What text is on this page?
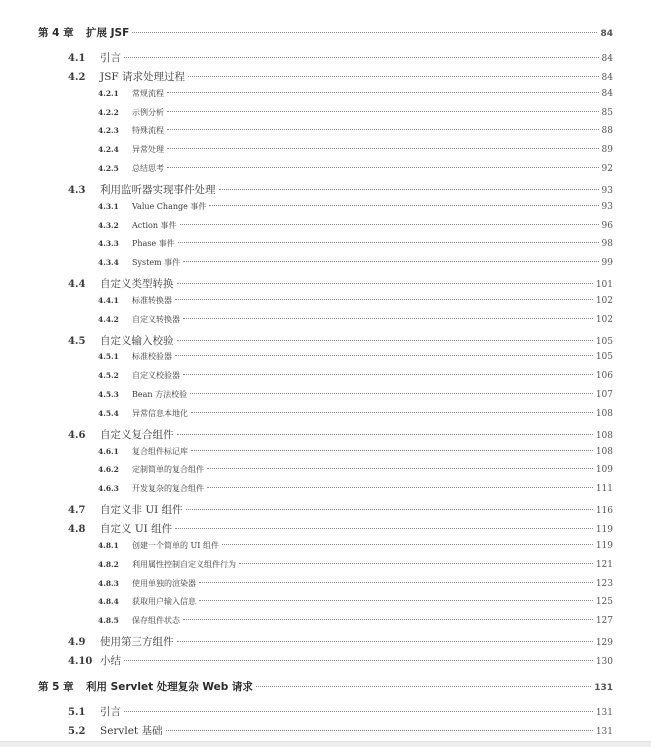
第 4 章	扩展 JSF	84
4.1	引言	84
4.2	JSF 请求处理过程	84
4.2.1	常规流程	84
4.2.2	示例分析	85
4.2.3	特殊流程	88
4.2.4	异常处理	89
4.2.5	总结思考	92
4.3	利用监听器实现事件处理	93
4.3.1	Value Change 事件	93
4.3.2	Action 事件	96
4.3.3	Phase 事件	98
4.3.4	System 事件	99
4.4	自定义类型转换	101
4.4.1	标准转换器	102
4.4.2	自定义转换器	102
4.5	自定义输入校验	105
4.5.1	标准校验器	105
4.5.2	自定义校验器	106
4.5.3	Bean 方法校验	107
4.5.4	异常信息本地化	108
4.6	自定义复合组件	108
4.6.1	复合组件标记库	108
4.6.2	定制简单的复合组件	109
4.6.3	开发复杂的复合组件	111
4.7	自定义非 UI 组件	116
4.8	自定义 UI 组件	119
4.8.1	创建一个简单的 UI 组件	119
4.8.2	利用属性控制自定义组件行为	121
4.8.3	使用单独的渲染器	123
4.8.4	获取用户输入信息	125
4.8.5	保存组件状态	127
4.9	使用第三方组件	129
4.10 小结	130
第 5 章	利用 Servlet 处理复杂 Web 请求	131
5.1	引言	131
5.2	Servlet 基础	131
